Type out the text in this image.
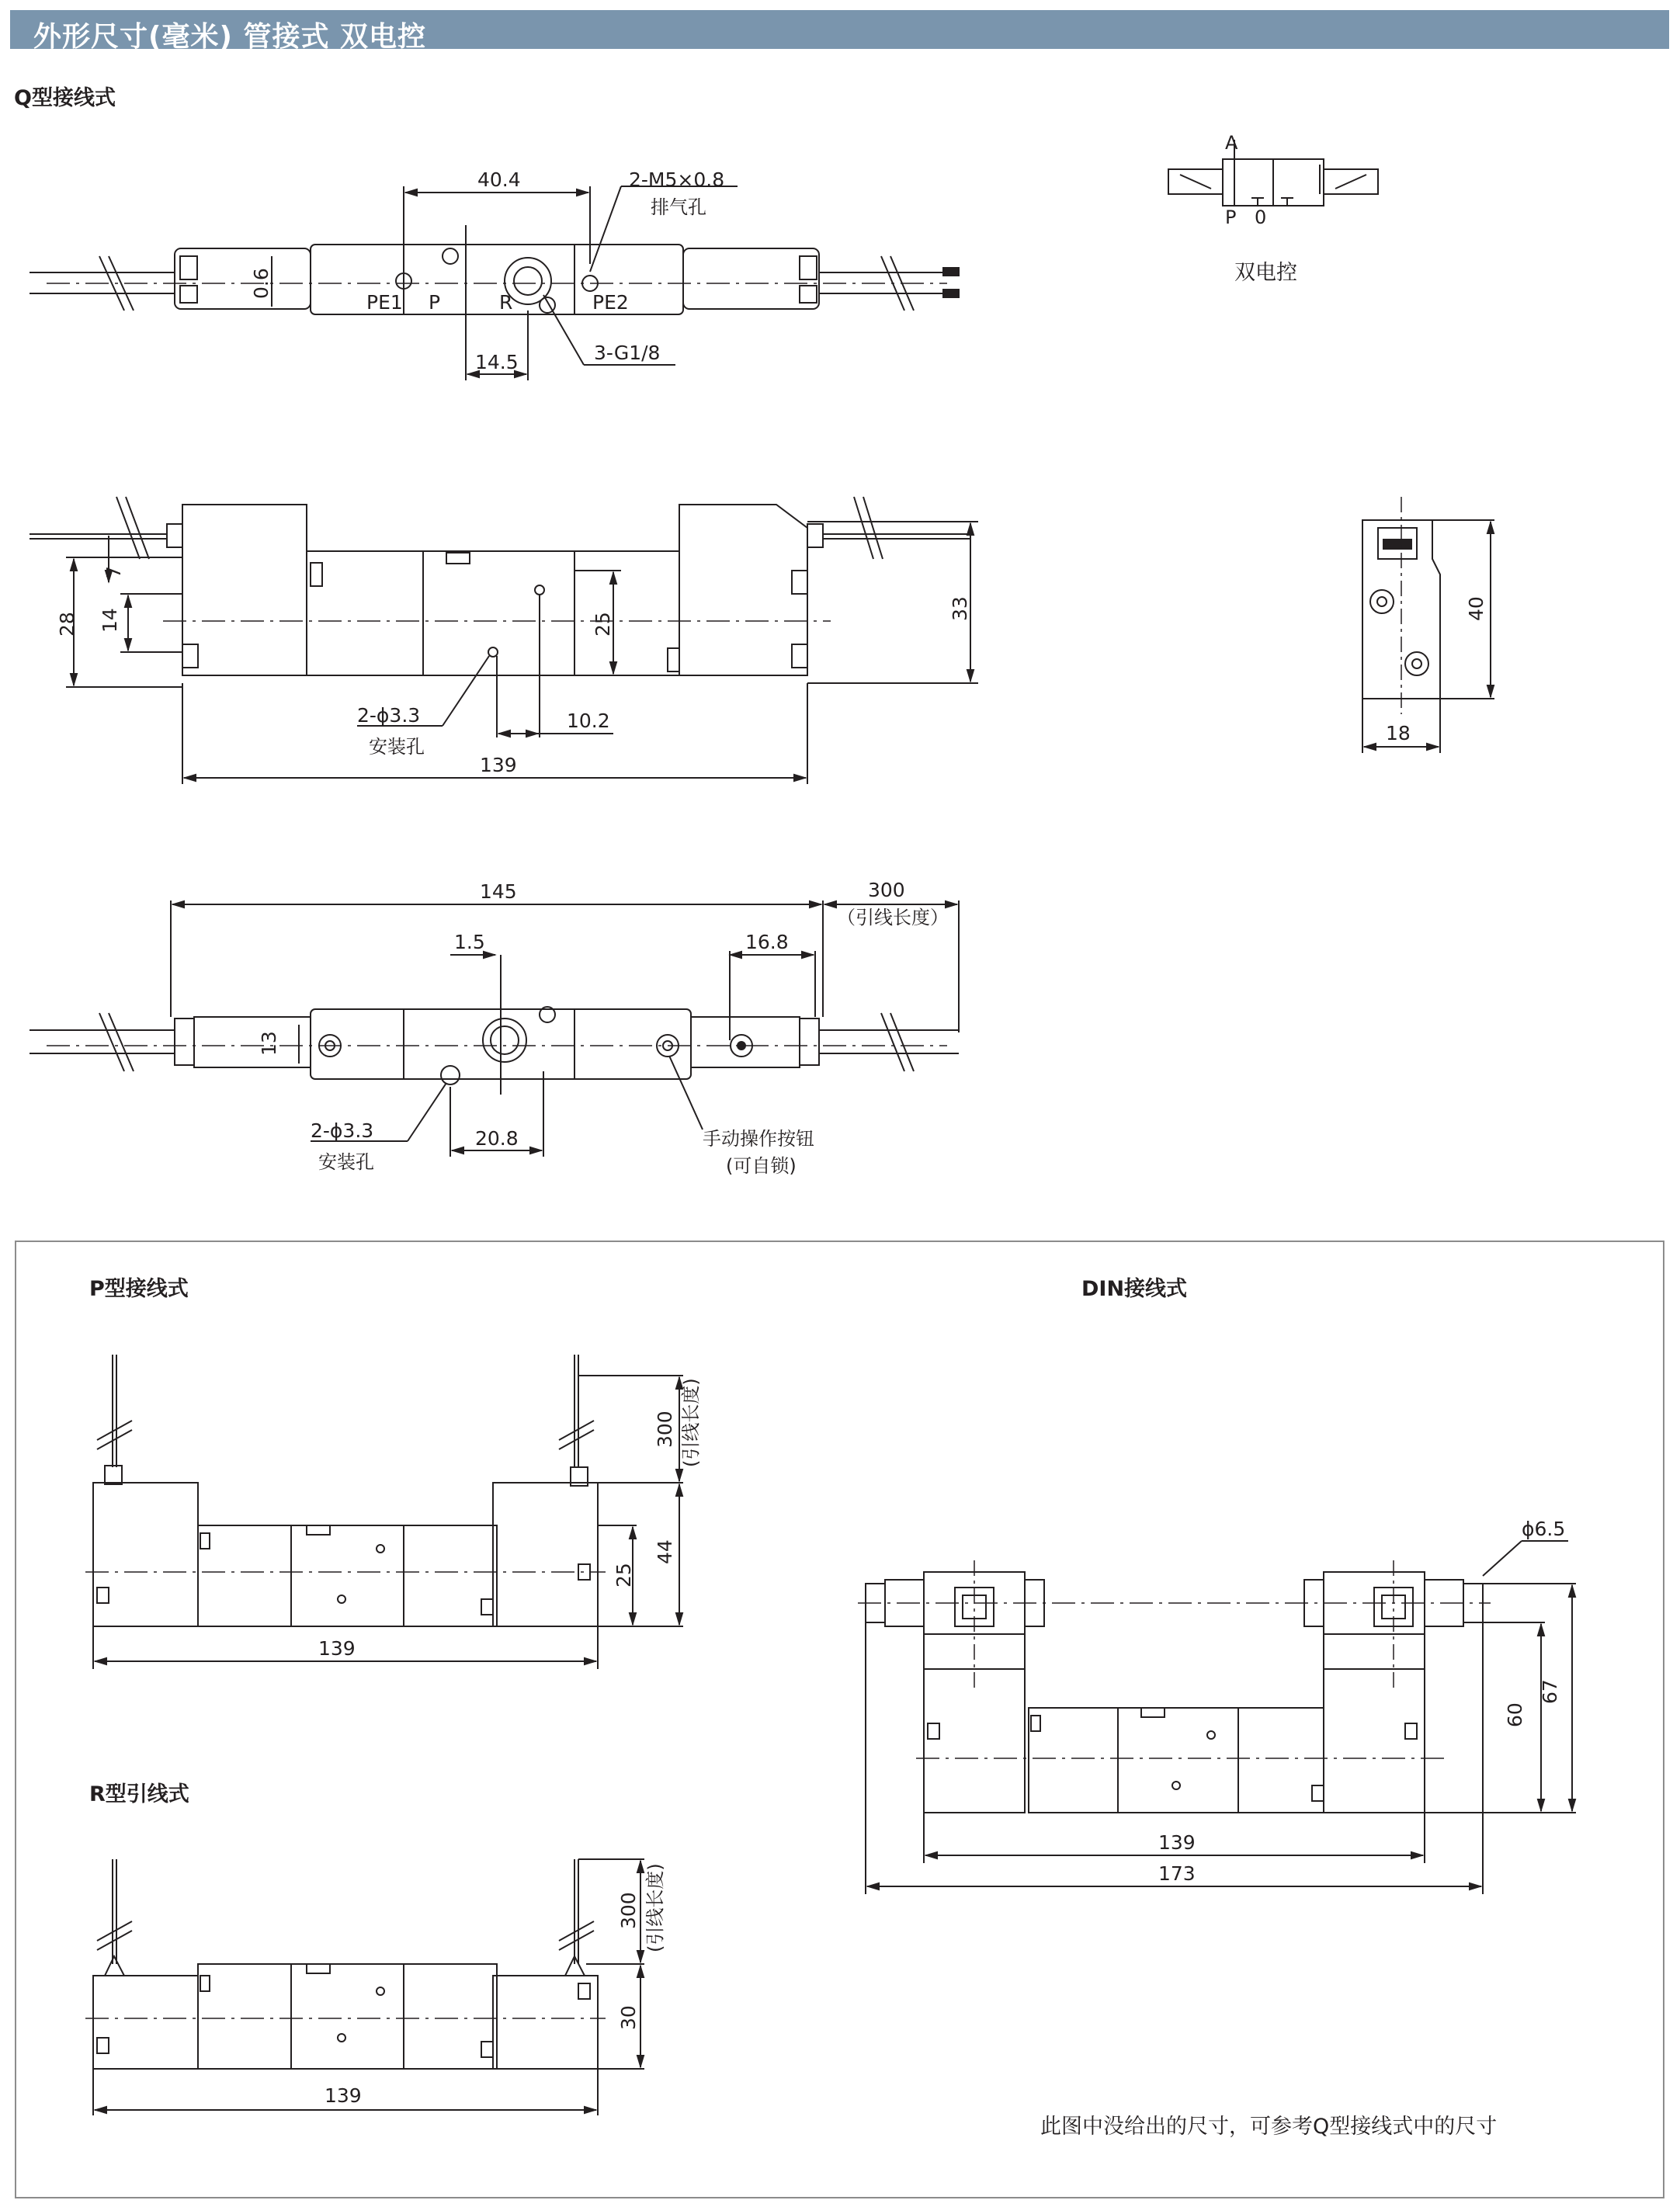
外形尺寸(毫米) 管接式 双电控
Q型接线式
P型接线式	DIN接线式
R型引线式
此图中没给出的尺寸，可参考Q型接线式中的尺寸
A
P 0
双电控
40.4	2-M5×0.8
排气孔
0.6
PE1 P	R	PE2
14.5	3-G1/8
7
28 14	25
33
2-ϕ3.3
安装孔
10.2
139
40
18
145	300
（引线长度）
1.5	16.8
13
2-ϕ3.3
安装孔
20.8	手动操作按钮
(可自锁)
300 (引线长度)
44
25
139
300 (引线长度)
30
139
ϕ6.5
60
67
139
173
